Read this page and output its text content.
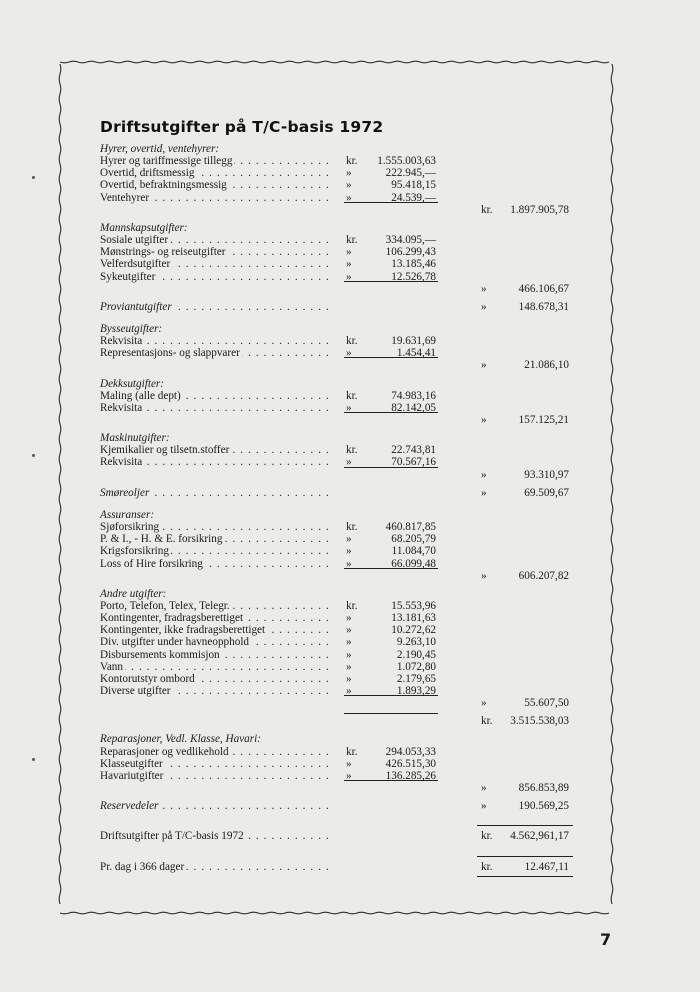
Driftsutgifter på T/C-basis 1972
Hyrer, overtid, ventehyrer:
. . .
Hyrer og tariffmessige tillegg	kr.	1.555.003,63
. . .
Overtid, driftsmessig	»	222.945,—
. . .
Overtid, befraktningsmessig	»	95.418,15
. . .
Ventehyrer	»	24.539,—
kr.	1.897.905,78
Mannskapsutgifter:
. . .
Sosiale utgifter	kr.	334.095,—
. . .
Mønstrings- og reiseutgifter	»	106.299,43
. . .
Velferdsutgifter	»	13.185,46
. . .
Sykeutgifter	»	12.526,78
»	466.106,67
. . .
Proviantutgifter	»	148.678,31
Bysseutgifter:
. . .
Rekvisita	kr.	19.631,69
. . .
Representasjons- og slappvarer	»	1.454,41
»	21.086,10
Dekksutgifter:
. . .
Maling (alle dept)	kr.	74.983,16
. . .
Rekvisita	»	82.142,05
»	157.125,21
Maskinutgifter:
. . .
Kjemikalier og tilsetn.stoffer	kr.	22.743,81
. . .
Rekvisita	»	70.567,16
»	93.310,97
. . .
Smøreoljer	»	69.509,67
Assuranser:
. . .
Sjøforsikring	kr.	460.817,85
. . .
P. & I., - H. & E. forsikring	»	68.205,79
. . .
Krigsforsikring	»	11.084,70
. . .
Loss of Hire forsikring	»	66.099,48
»	606.207,82
Andre utgifter:
. . .
Porto, Telefon, Telex, Telegr.	kr.	15.553,96
. . .
Kontingenter, fradragsberettiget	»	13.181,63
. . .
Kontingenter, ikke fradragsberettiget	»	10.272,62
. . .
Div. utgifter under havneopphold	»	9.263,10
. . .
Disbursements kommisjon	»	2.190,45
. . .
Vann	»	1.072,80
. . .
Kontorutstyr ombord	»	2.179,65
. . .
Diverse utgifter	»	1.893,29
»	55.607,50
kr.	3.515.538,03
Reparasjoner, Vedl. Klasse, Havari:
. . .
Reparasjoner og vedlikehold	kr.	294.053,33
. . .
Klasseutgifter	»	426.515,30
. . .
Havariutgifter	»	136.285,26
»	856.853,89
. . .
Reservedeler	»	190.569,25
. . .
Driftsutgifter på T/C-basis 1972	kr.	4.562,961,17
. . .
Pr. dag i 366 dager	kr.	12.467,11
7
